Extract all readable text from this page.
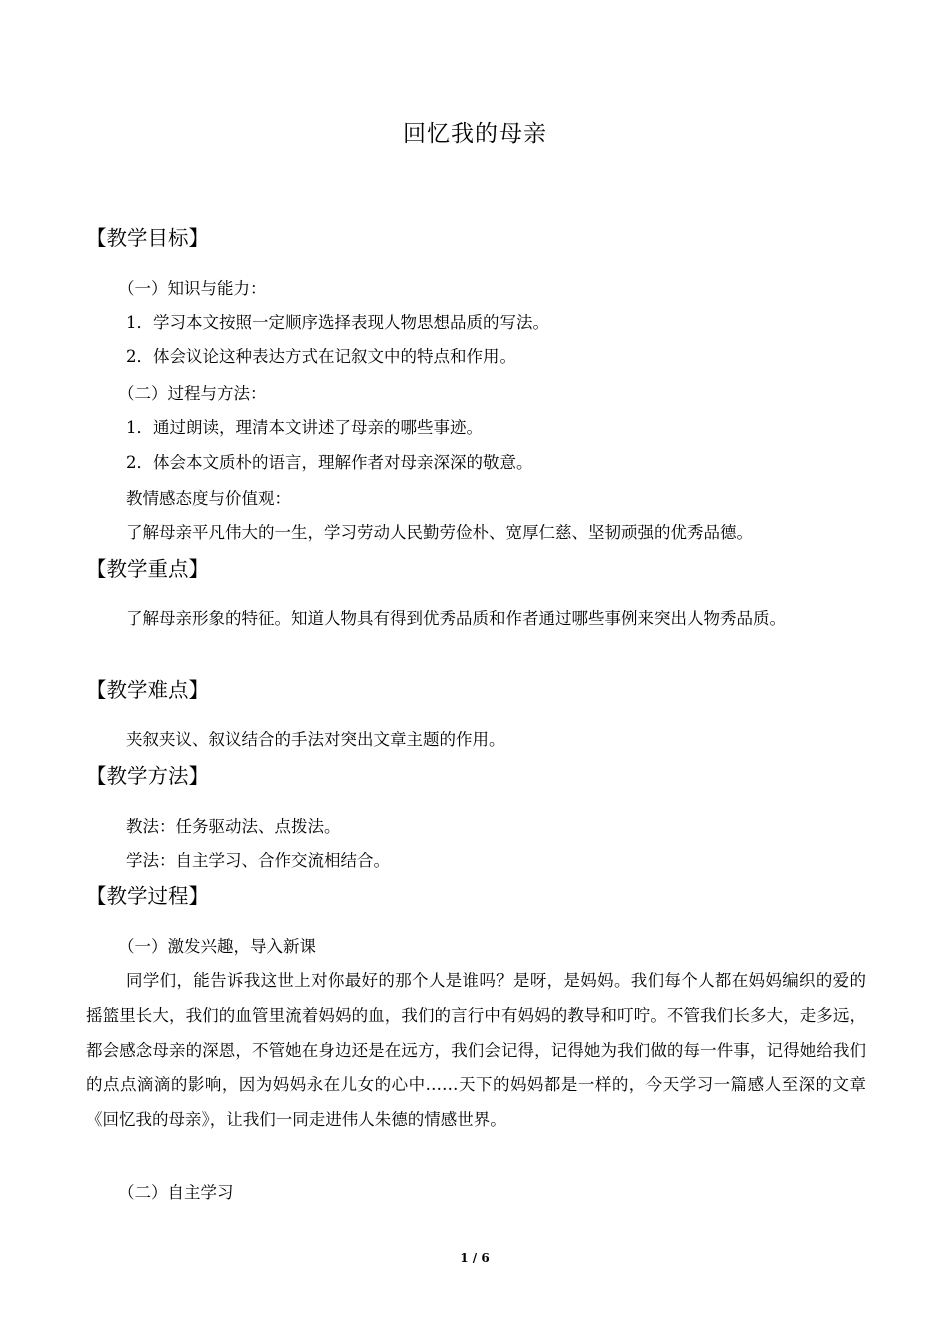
回忆我的母亲
【教学目标】
（一）知识与能力：
1．学习本文按照一定顺序选择表现人物思想品质的写法。
2．体会议论这种表达方式在记叙文中的特点和作用。
（二）过程与方法：
1．通过朗读，理清本文讲述了母亲的哪些事迹。
2．体会本文质朴的语言，理解作者对母亲深深的敬意。
教情感态度与价值观：
了解母亲平凡伟大的一生，学习劳动人民勤劳俭朴、宽厚仁慈、坚韧顽强的优秀品德。
【教学重点】
了解母亲形象的特征。知道人物具有得到优秀品质和作者通过哪些事例来突出人物秀品质。
【教学难点】
夹叙夹议、叙议结合的手法对突出文章主题的作用。
【教学方法】
教法：任务驱动法、点拨法。
学法：自主学习、合作交流相结合。
【教学过程】
（一）激发兴趣，导入新课
同学们，能告诉我这世上对你最好的那个人是谁吗？是呀，是妈妈。我们每个人都在妈妈编织的爱的摇篮里长大，我们的血管里流着妈妈的血，我们的言行中有妈妈的教导和叮咛。不管我们长多大，走多远，都会感念母亲的深恩，不管她在身边还是在远方，我们会记得，记得她为我们做的每一件事，记得她给我们的点点滴滴的影响，因为妈妈永在儿女的心中……天下的妈妈都是一样的，今天学习一篇感人至深的文章《回忆我的母亲》，让我们一同走进伟人朱德的情感世界。
（二）自主学习
1 / 6
